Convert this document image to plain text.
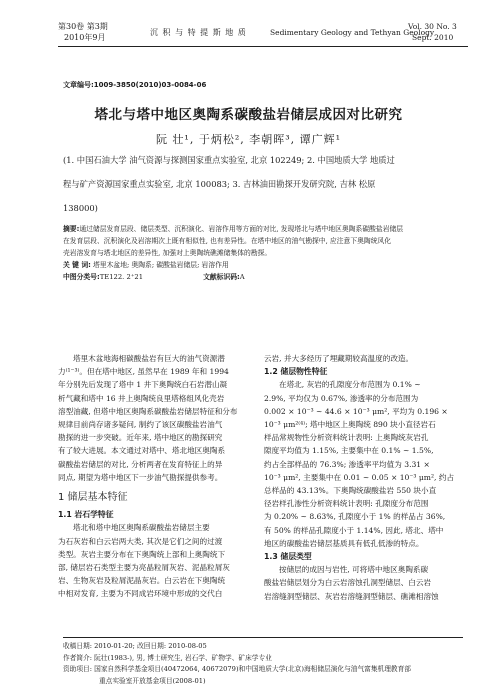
第30卷 第3期
2010年9月
沉 积 与 特 提 斯 地 质	Sedimentary Geology and Tethyan Geology
Vol. 30 No. 3
Sept. 2010
文章编号:1009-3850(2010)03-0084-06
塔北与塔中地区奥陶系碳酸盐岩储层成因对比研究
阮 壮¹, 于炳松², 李朝晖³, 谭广辉¹

(1. 中国石油大学 油气资源与探测国家重点实验室, 北京 102249; 2. 中国地质大学 地质过

程与矿产资源国家重点实验室, 北京 100083; 3. 吉林油田勘探开发研究院, 吉林 松原

138000)

摘要:通过储层发育层段、储层类型、沉积演化、岩溶作用等方面的对比, 发现塔北与塔中地区奥陶系碳酸盐岩储层

在发育层段、沉积演化及岩溶期次上既有相似性, 也有差异性。在塔中地区的油气勘探中, 应注意下奥陶统风化

壳岩溶发育与塔北地区的差异性, 加强对上奥陶统礁滩储集体的勘探。

关 键 词: 塔里木盆地; 奥陶系; 碳酸盐岩储层; 岩溶作用

中图分类号:TE122. 2⁺21	文献标识码:A

塔里木盆地海相碳酸盐岩有巨大的油气资源潜

力⁽¹⁻³⁾。但在塔中地区, 虽然早在 1989 年和 1994

年分别先后发现了塔中 1 井下奥陶统白石岩潜山凝

析气藏和塔中 16 井上奥陶统良里塔格组风化壳岩

溶型油藏, 但塔中地区奥陶系碳酸盐岩储层特征和分布

规律目前尚存诸多疑问, 制约了该区碳酸盐岩油气

勘探的进一步突破。近年来, 塔中地区的勘探研究

有了较大进展。本文通过对塔中、塔北地区奥陶系

碳酸盐岩储层的对比, 分析两者在发育特征上的异

同点, 期望为塔中地区下一步油气勘探提供参考。

1 储层基本特征

1.1 岩石学特征

塔北和塔中地区奥陶系碳酸盐岩储层主要

为石灰岩和白云岩两大类, 其次是它们之间的过渡

类型。灰岩主要分布在下奥陶统上部和上奥陶统下

部, 储层岩石类型主要为亮晶粒屑灰岩、泥晶粒屑灰

岩、生物灰岩及粒屑泥晶灰岩。白云岩在下奥陶统

中相对发育, 主要为不同成岩环境中形成的交代白

云岩, 并大多经历了埋藏期较高温度的改造。

1.2 储层物性特征

在塔北, 灰岩的孔隙度分布范围为 0.1% ~

2.9%, 平均仅为 0.67%, 渗透率的分布范围为

0.002 × 10⁻³ ~ 44.6 × 10⁻³ μm², 平均为 0.196 ×

10⁻³ μm²⁽⁴⁾; 塔中地区上奥陶统 890 块小直径岩石

样品常规物性分析资料统计表明: 上奥陶统灰岩孔

隙度平均值为 1.15%, 主要集中在 0.1% ~ 1.5%,

约占全部样品的 76.3%; 渗透率平均值为 3.31 ×

10⁻³ μm², 主要集中在 0.01 ~ 0.05 × 10⁻³ μm², 约占

总样品的 43.13%。下奥陶统碳酸盐岩 550 块小直

径岩样孔渗性分析资料统计表明: 孔隙度分布范围

为 0.20% ~ 8.63%, 孔隙度小于 1% 的样品占 36%,

有 50% 的样品孔隙度小于 1.14%, 因此, 塔北、塔中

地区的碳酸盐岩储层基质具有低孔低渗的特点。

1.3 储层类型

按储层的成因与岩性, 可将塔中地区奥陶系碳

酸盐岩储层划分为白云岩溶蚀孔洞型储层、白云岩

岩溶缝洞型储层、灰岩岩溶缝洞型储层、礁滩相溶蚀

收稿日期: 2010-01-20; 改回日期: 2010-08-05

作者简介: 阮壮(1983-), 男, 博士研究生, 岩石学、矿物学、矿床学专业

资助项目: 国家自然科学基金项目(40472064, 40672079)和中国地质大学(北京)海相储层演化与油气富集机理教育部

重点实验室开放基金项目(2008-01)
